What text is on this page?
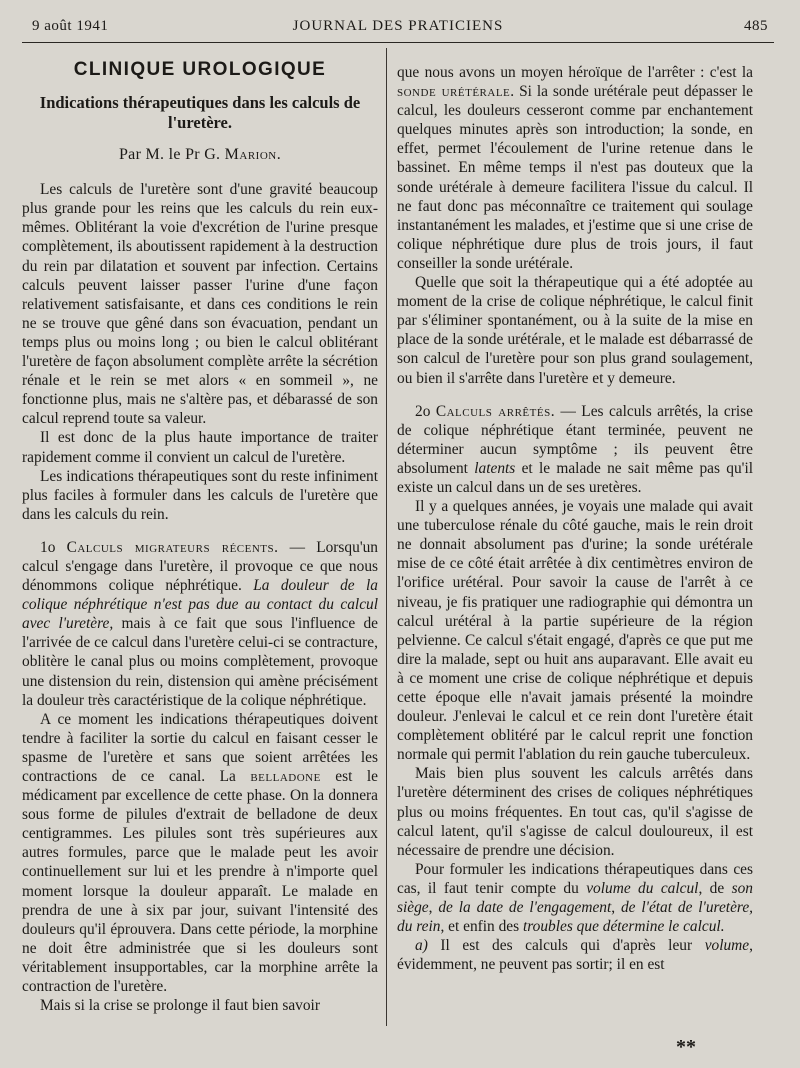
9 août 1941	JOURNAL DES PRATICIENS	485
CLINIQUE UROLOGIQUE
Indications thérapeutiques dans les calculs de l'uretère.
Par M. le Pr G. Marion.

Les calculs de l'uretère sont d'une gravité beaucoup plus grande pour les reins que les calculs du rein eux-mêmes. Oblitérant la voie d'excrétion de l'urine presque complètement, ils aboutissent rapidement à la destruction du rein par dilatation et souvent par infection. Certains calculs peuvent laisser passer l'urine d'une façon relativement satisfaisante, et dans ces conditions le rein ne se trouve que gêné dans son évacuation, pendant un temps plus ou moins long ; ou bien le calcul oblitérant l'uretère de façon absolument complète arrête la sécrétion rénale et le rein se met alors « en sommeil », ne fonctionne plus, mais ne s'altère pas, et débarassé de son calcul reprend toute sa valeur.

Il est donc de la plus haute importance de traiter rapidement comme il convient un calcul de l'uretère.

Les indications thérapeutiques sont du reste infiniment plus faciles à formuler dans les calculs de l'uretère que dans les calculs du rein.

1o Calculs migrateurs récents. — Lorsqu'un calcul s'engage dans l'uretère, il provoque ce que nous dénommons colique néphrétique. La douleur de la colique néphrétique n'est pas due au contact du calcul avec l'uretère, mais à ce fait que sous l'influence de l'arrivée de ce calcul dans l'uretère celui-ci se contracture, oblitère le canal plus ou moins complètement, provoque une distension du rein, distension qui amène précisément la douleur très caractéristique de la colique néphrétique.

A ce moment les indications thérapeutiques doivent tendre à faciliter la sortie du calcul en faisant cesser le spasme de l'uretère et sans que soient arrêtées les contractions de ce canal. La belladone est le médicament par excellence de cette phase. On la donnera sous forme de pilules d'extrait de belladone de deux centigrammes. Les pilules sont très supérieures aux autres formules, parce que le malade peut les avoir continuellement sur lui et les prendre à n'importe quel moment lorsque la douleur apparaît. Le malade en prendra de une à six par jour, suivant l'intensité des douleurs qu'il éprouvera. Dans cette période, la morphine ne doit être administrée que si les douleurs sont véritablement insupportables, car la morphine arrête la contraction de l'uretère.

Mais si la crise se prolonge il faut bien savoir

que nous avons un moyen héroïque de l'arrêter : c'est la sonde urétérale. Si la sonde urétérale peut dépasser le calcul, les douleurs cesseront comme par enchantement quelques minutes après son introduction; la sonde, en effet, permet l'écoulement de l'urine retenue dans le bassinet. En même temps il n'est pas douteux que la sonde urétérale à demeure facilitera l'issue du calcul. Il ne faut donc pas méconnaître ce traitement qui soulage instantanément les malades, et j'estime que si une crise de colique néphrétique dure plus de trois jours, il faut conseiller la sonde urétérale.

Quelle que soit la thérapeutique qui a été adoptée au moment de la crise de colique néphrétique, le calcul finit par s'éliminer spontanément, ou à la suite de la mise en place de la sonde urétérale, et le malade est débarrassé de son calcul de l'uretère pour son plus grand soulagement, ou bien il s'arrête dans l'uretère et y demeure.

2o Calculs arrêtés. — Les calculs arrêtés, la crise de colique néphrétique étant terminée, peuvent ne déterminer aucun symptôme ; ils peuvent être absolument latents et le malade ne sait même pas qu'il existe un calcul dans un de ses uretères.

Il y a quelques années, je voyais une malade qui avait une tuberculose rénale du côté gauche, mais le rein droit ne donnait absolument pas d'urine; la sonde urétérale mise de ce côté était arrêtée à dix centimètres environ de l'orifice urétéral. Pour savoir la cause de l'arrêt à ce niveau, je fis pratiquer une radiographie qui démontra un calcul urétéral à la partie supérieure de la région pelvienne. Ce calcul s'était engagé, d'après ce que put me dire la malade, sept ou huit ans auparavant. Elle avait eu à ce moment une crise de colique néphrétique et depuis cette époque elle n'avait jamais présenté la moindre douleur. J'enlevai le calcul et ce rein dont l'uretère était complètement oblitéré par le calcul reprit une fonction normale qui permit l'ablation du rein gauche tuberculeux.

Mais bien plus souvent les calculs arrêtés dans l'uretère déterminent des crises de coliques néphrétiques plus ou moins fréquentes. En tout cas, qu'il s'agisse de calcul latent, qu'il s'agisse de calcul douloureux, il est nécessaire de prendre une décision.

Pour formuler les indications thérapeutiques dans ces cas, il faut tenir compte du volume du calcul, de son siège, de la date de l'engagement, de l'état de l'uretère, du rein, et enfin des troubles que détermine le calcul.

a) Il est des calculs qui d'après leur volume, évidemment, ne peuvent pas sortir; il en est

**
